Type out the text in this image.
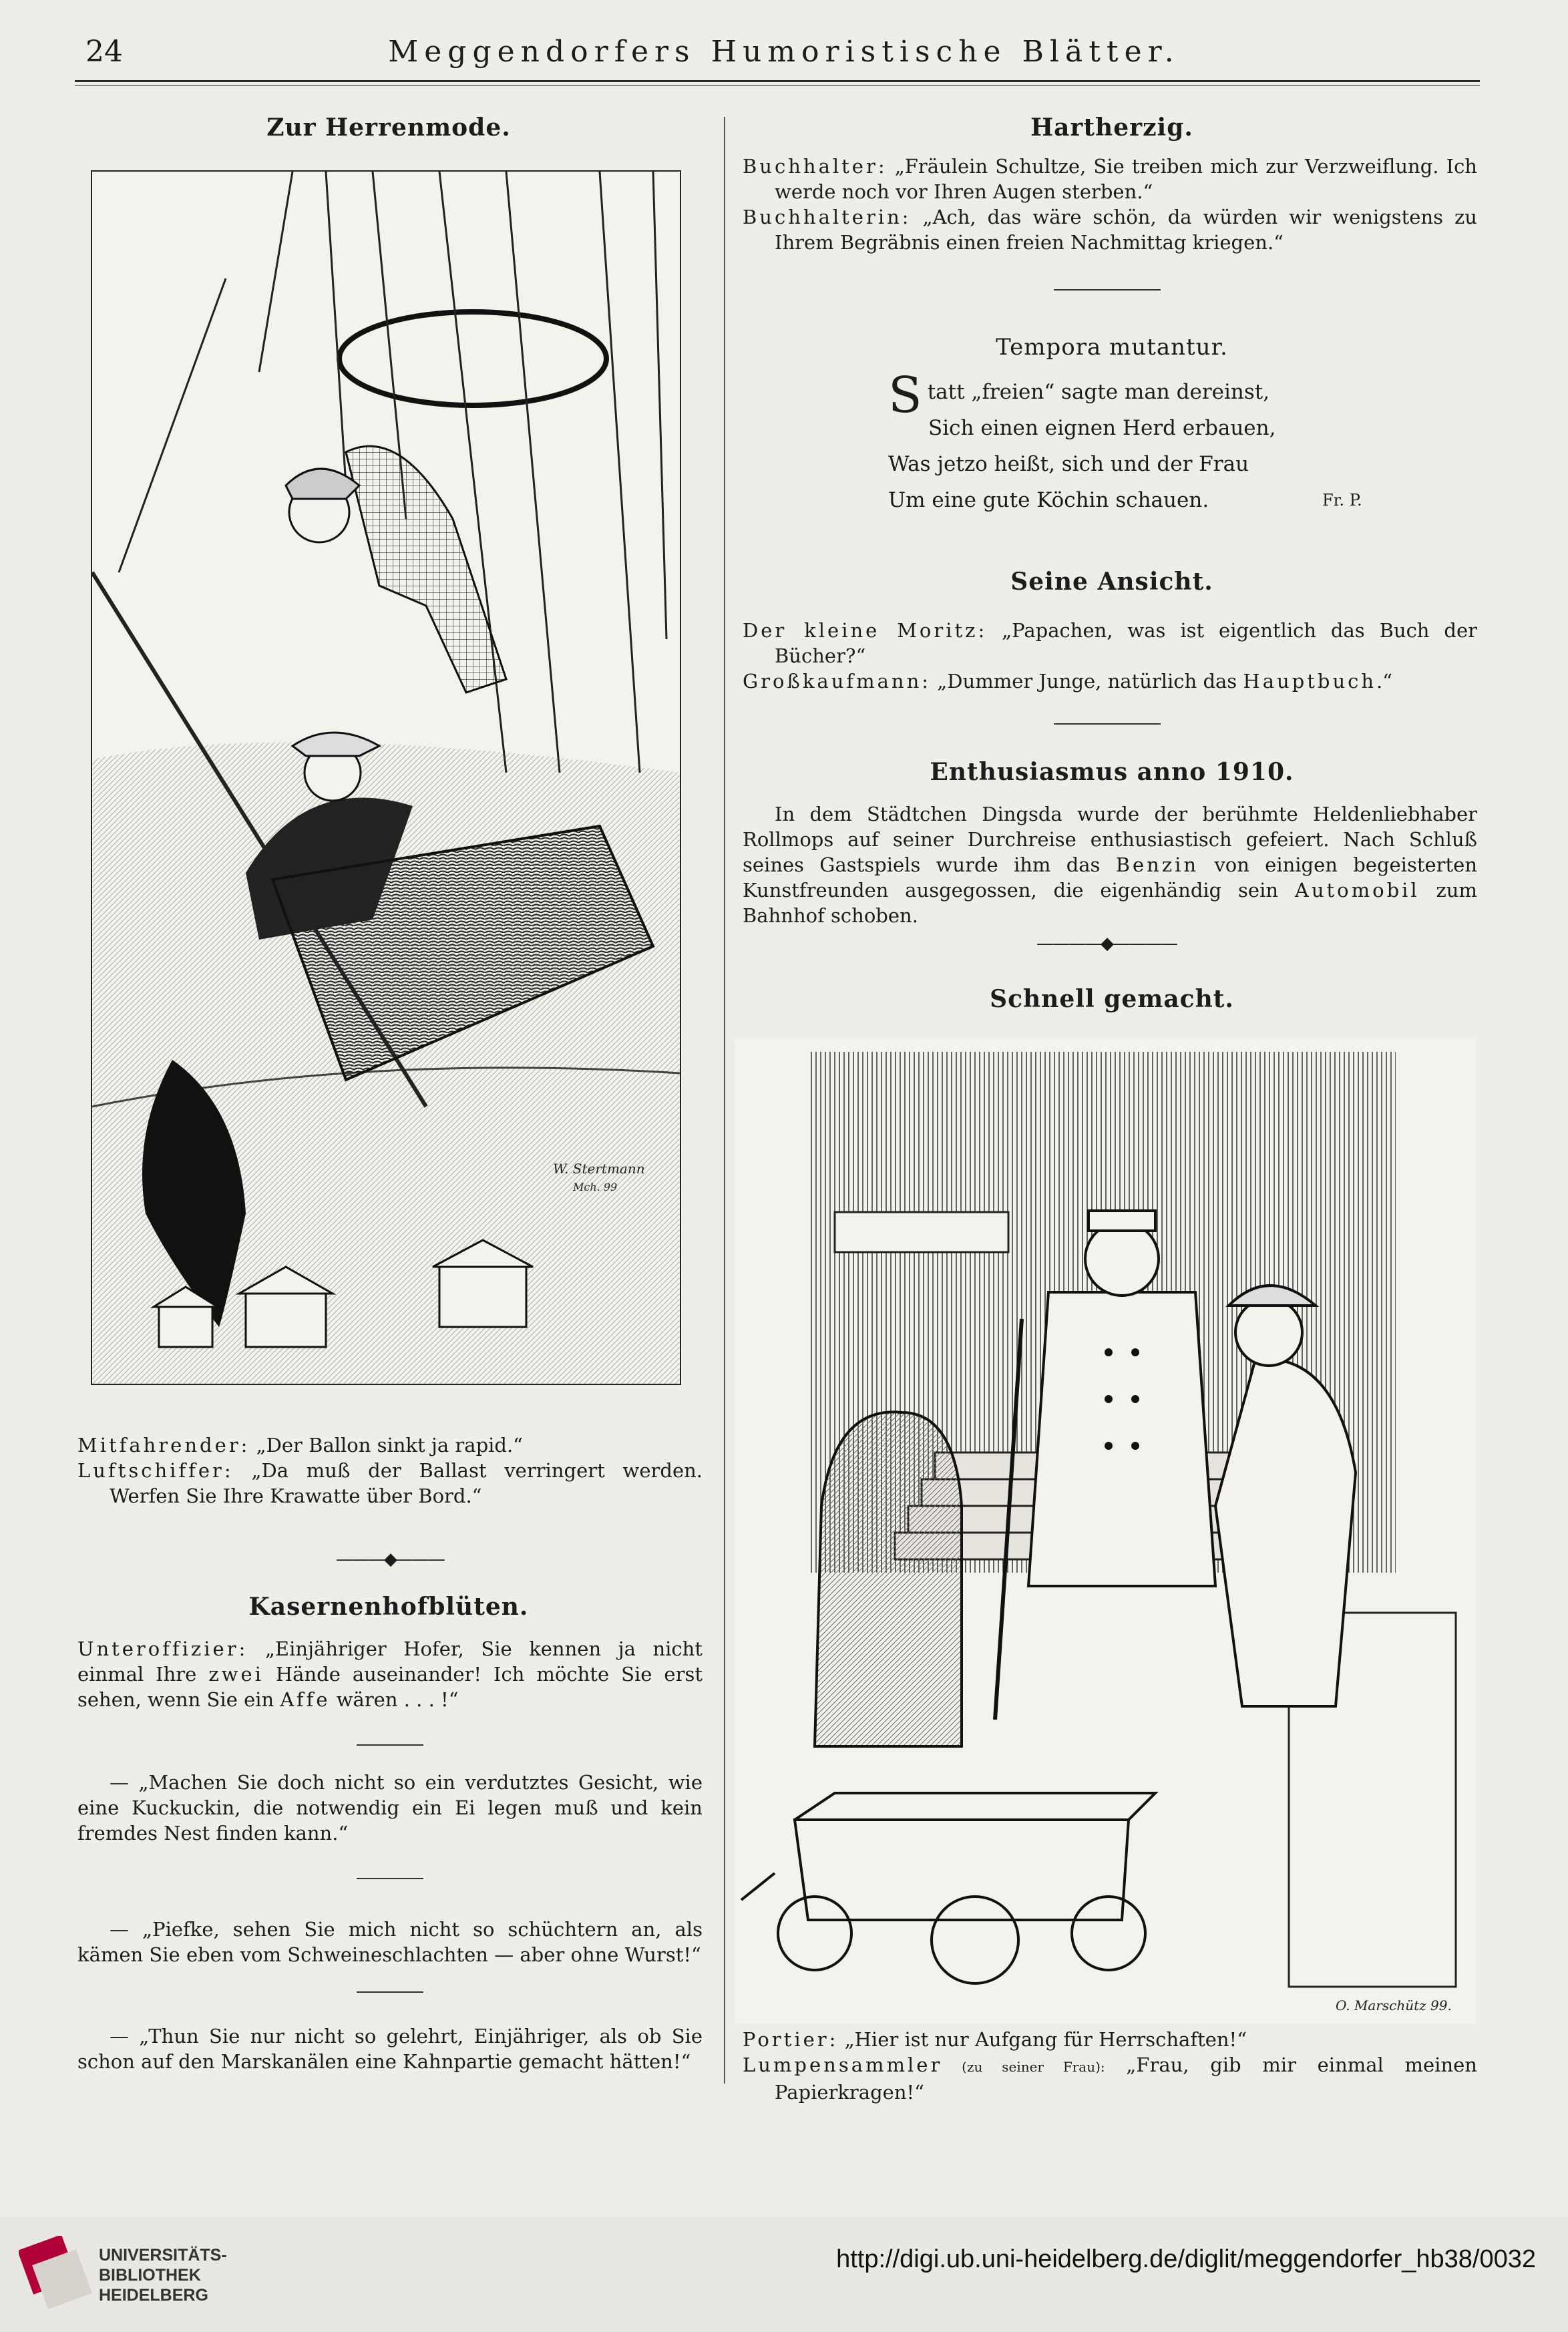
24	Meggendorfers Humoristische Blätter.
Zur Herrenmode.
W. Stertmann
Mch. 99

Mitfahrender: „Der Ballon sinkt ja rapid.“

Luftschiffer: „Da muß der Ballast verringert werden. Werfen Sie Ihre Krawatte über Bord.“

———◆———
Kasernenhofblüten.

Unteroffizier: „Einjähriger Hofer, Sie kennen ja nicht einmal Ihre zwei Hände auseinander! Ich möchte Sie erst sehen, wenn Sie ein Affe wären . . . !“

— „Machen Sie doch nicht so ein verdutztes Gesicht, wie eine Kuckuckin, die notwendig ein Ei legen muß und kein fremdes Nest finden kann.“

— „Piefke, sehen Sie mich nicht so schüchtern an, als kämen Sie eben vom Schweineschlachten — aber ohne Wurst!“

— „Thun Sie nur nicht so gelehrt, Einjähriger, als ob Sie schon auf den Marskanälen eine Kahnpartie gemacht hätten!“

Hartherzig.

Buchhalter: „Fräulein Schultze, Sie treiben mich zur Verzweiflung. Ich werde noch vor Ihren Augen sterben.“

Buchhalterin: „Ach, das wäre schön, da würden wir wenigstens zu Ihrem Begräbnis einen freien Nachmittag kriegen.“

Tempora mutantur.
Statt „freien“ sagte man dereinst,
Sich einen eignen Herd erbauen,
Was jetzo heißt, sich und der Frau
Um eine gute Köchin schauen.	Fr. P.
Seine Ansicht.

Der kleine Moritz: „Papachen, was ist eigentlich das Buch der Bücher?“

Großkaufmann: „Dummer Junge, natürlich das Hauptbuch.“

Enthusiasmus anno 1910.

In dem Städtchen Dingsda wurde der berühmte Heldenliebhaber Rollmops auf seiner Durchreise enthusiastisch gefeiert. Nach Schluß seines Gastspiels wurde ihm das Benzin von einigen begeisterten Kunstfreunden ausgegossen, die eigenhändig sein Automobil zum Bahnhof schoben.

————◆————
Schnell gemacht.
O. Marschütz 99.

Portier: „Hier ist nur Aufgang für Herrschaften!“

Lumpensammler (zu seiner Frau): „Frau, gib mir einmal meinen Papierkragen!“

UNIVERSITÄTS-
BIBLIOTHEK
HEIDELBERG
http://digi.ub.uni-heidelberg.de/diglit/meggendorfer_hb38/0032
